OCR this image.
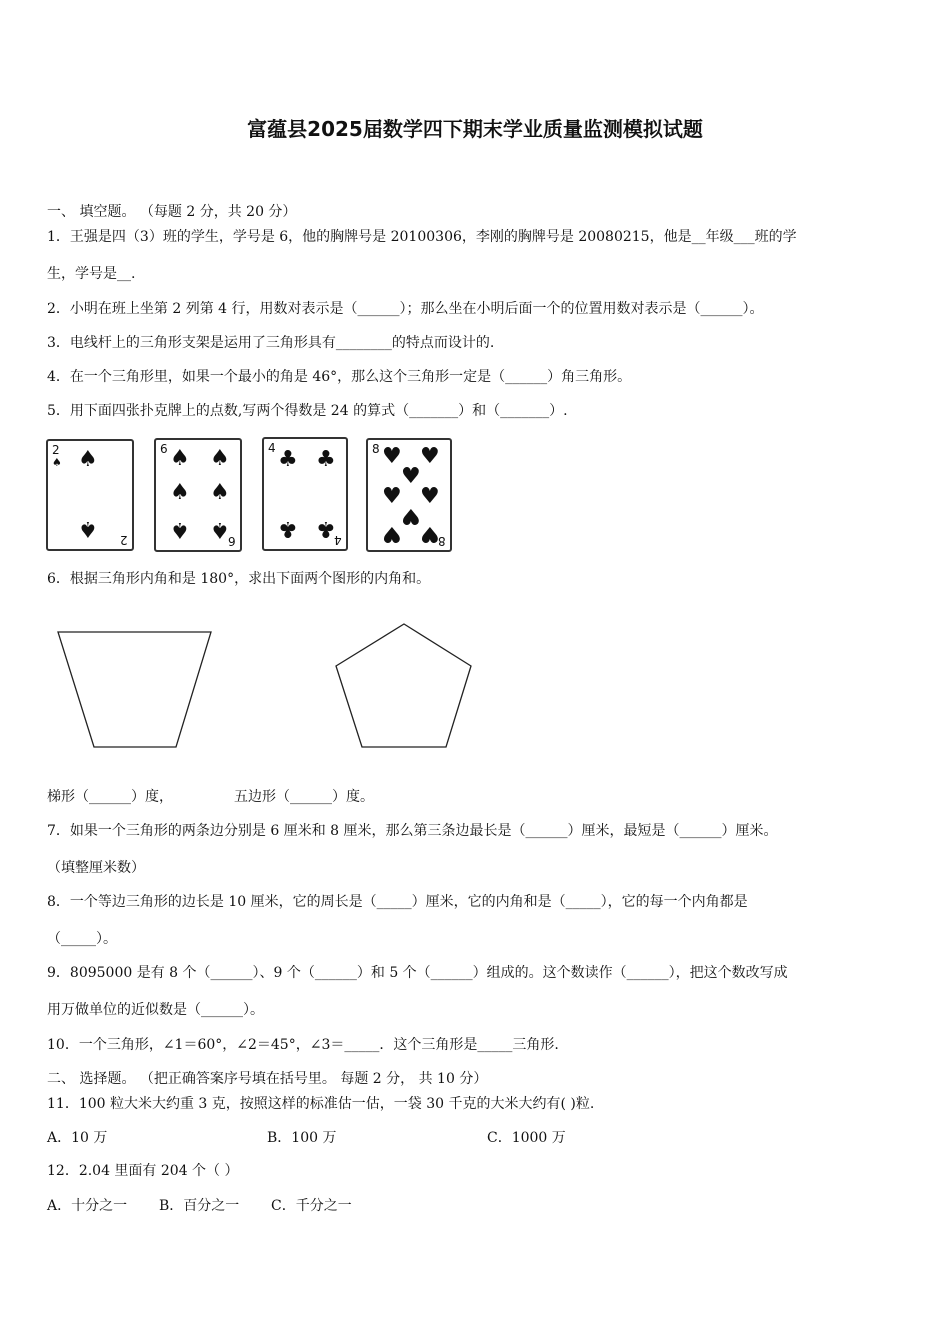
富蕴县2025届数学四下期末学业质量监测模拟试题
一、 填空题。 （每题 2 分，共 20 分）
1．王强是四（3）班的学生，学号是 6，他的胸牌号是 20100306，李刚的胸牌号是 20080215，他是__年级___班的学
生，学号是__.
2．小明在班上坐第 2 列第 4 行，用数对表示是（______）；那么坐在小明后面一个的位置用数对表示是（______）。
3．电线杆上的三角形支架是运用了三角形具有________的特点而设计的.
4．在一个三角形里，如果一个最小的角是 46°，那么这个三角形一定是（______）角三角形。
5．用下面四张扑克牌上的点数,写两个得数是 24 的算式（_______）和（_______）.
2
♠ ♠
♠ 2
6 ♠ ♠
♠ ♠
♠ ♠
6
4 ♣ ♣
♣ ♣
4
8 ♥ ♥
♥
♥ ♥
♥
♥ ♥
8
6．根据三角形内角和是 180°，求出下面两个图形的内角和。
梯形（______）度，	五边形（______）度。
7．如果一个三角形的两条边分别是 6 厘米和 8 厘米，那么第三条边最长是（______）厘米，最短是（______）厘米。
（填整厘米数）
8．一个等边三角形的边长是 10 厘米，它的周长是（_____）厘米，它的内角和是（_____），它的每一个内角都是
（_____）。
9．8095000 是有 8 个（______）、9 个（______）和 5 个（______）组成的。这个数读作（______），把这个数改写成
用万做单位的近似数是（______）。
10．一个三角形，∠1＝60°，∠2＝45°，∠3＝_____．这个三角形是_____三角形.
二、 选择题。 （把正确答案序号填在括号里。 每题 2 分， 共 10 分）
11．100 粒大米大约重 3 克，按照这样的标准估一估，一袋 30 千克的大米大约有( )粒.
A．10 万	B．100 万	C．1000 万
12．2.04 里面有 204 个（ ）
A．十分之一 B．百分之一 C．千分之一
